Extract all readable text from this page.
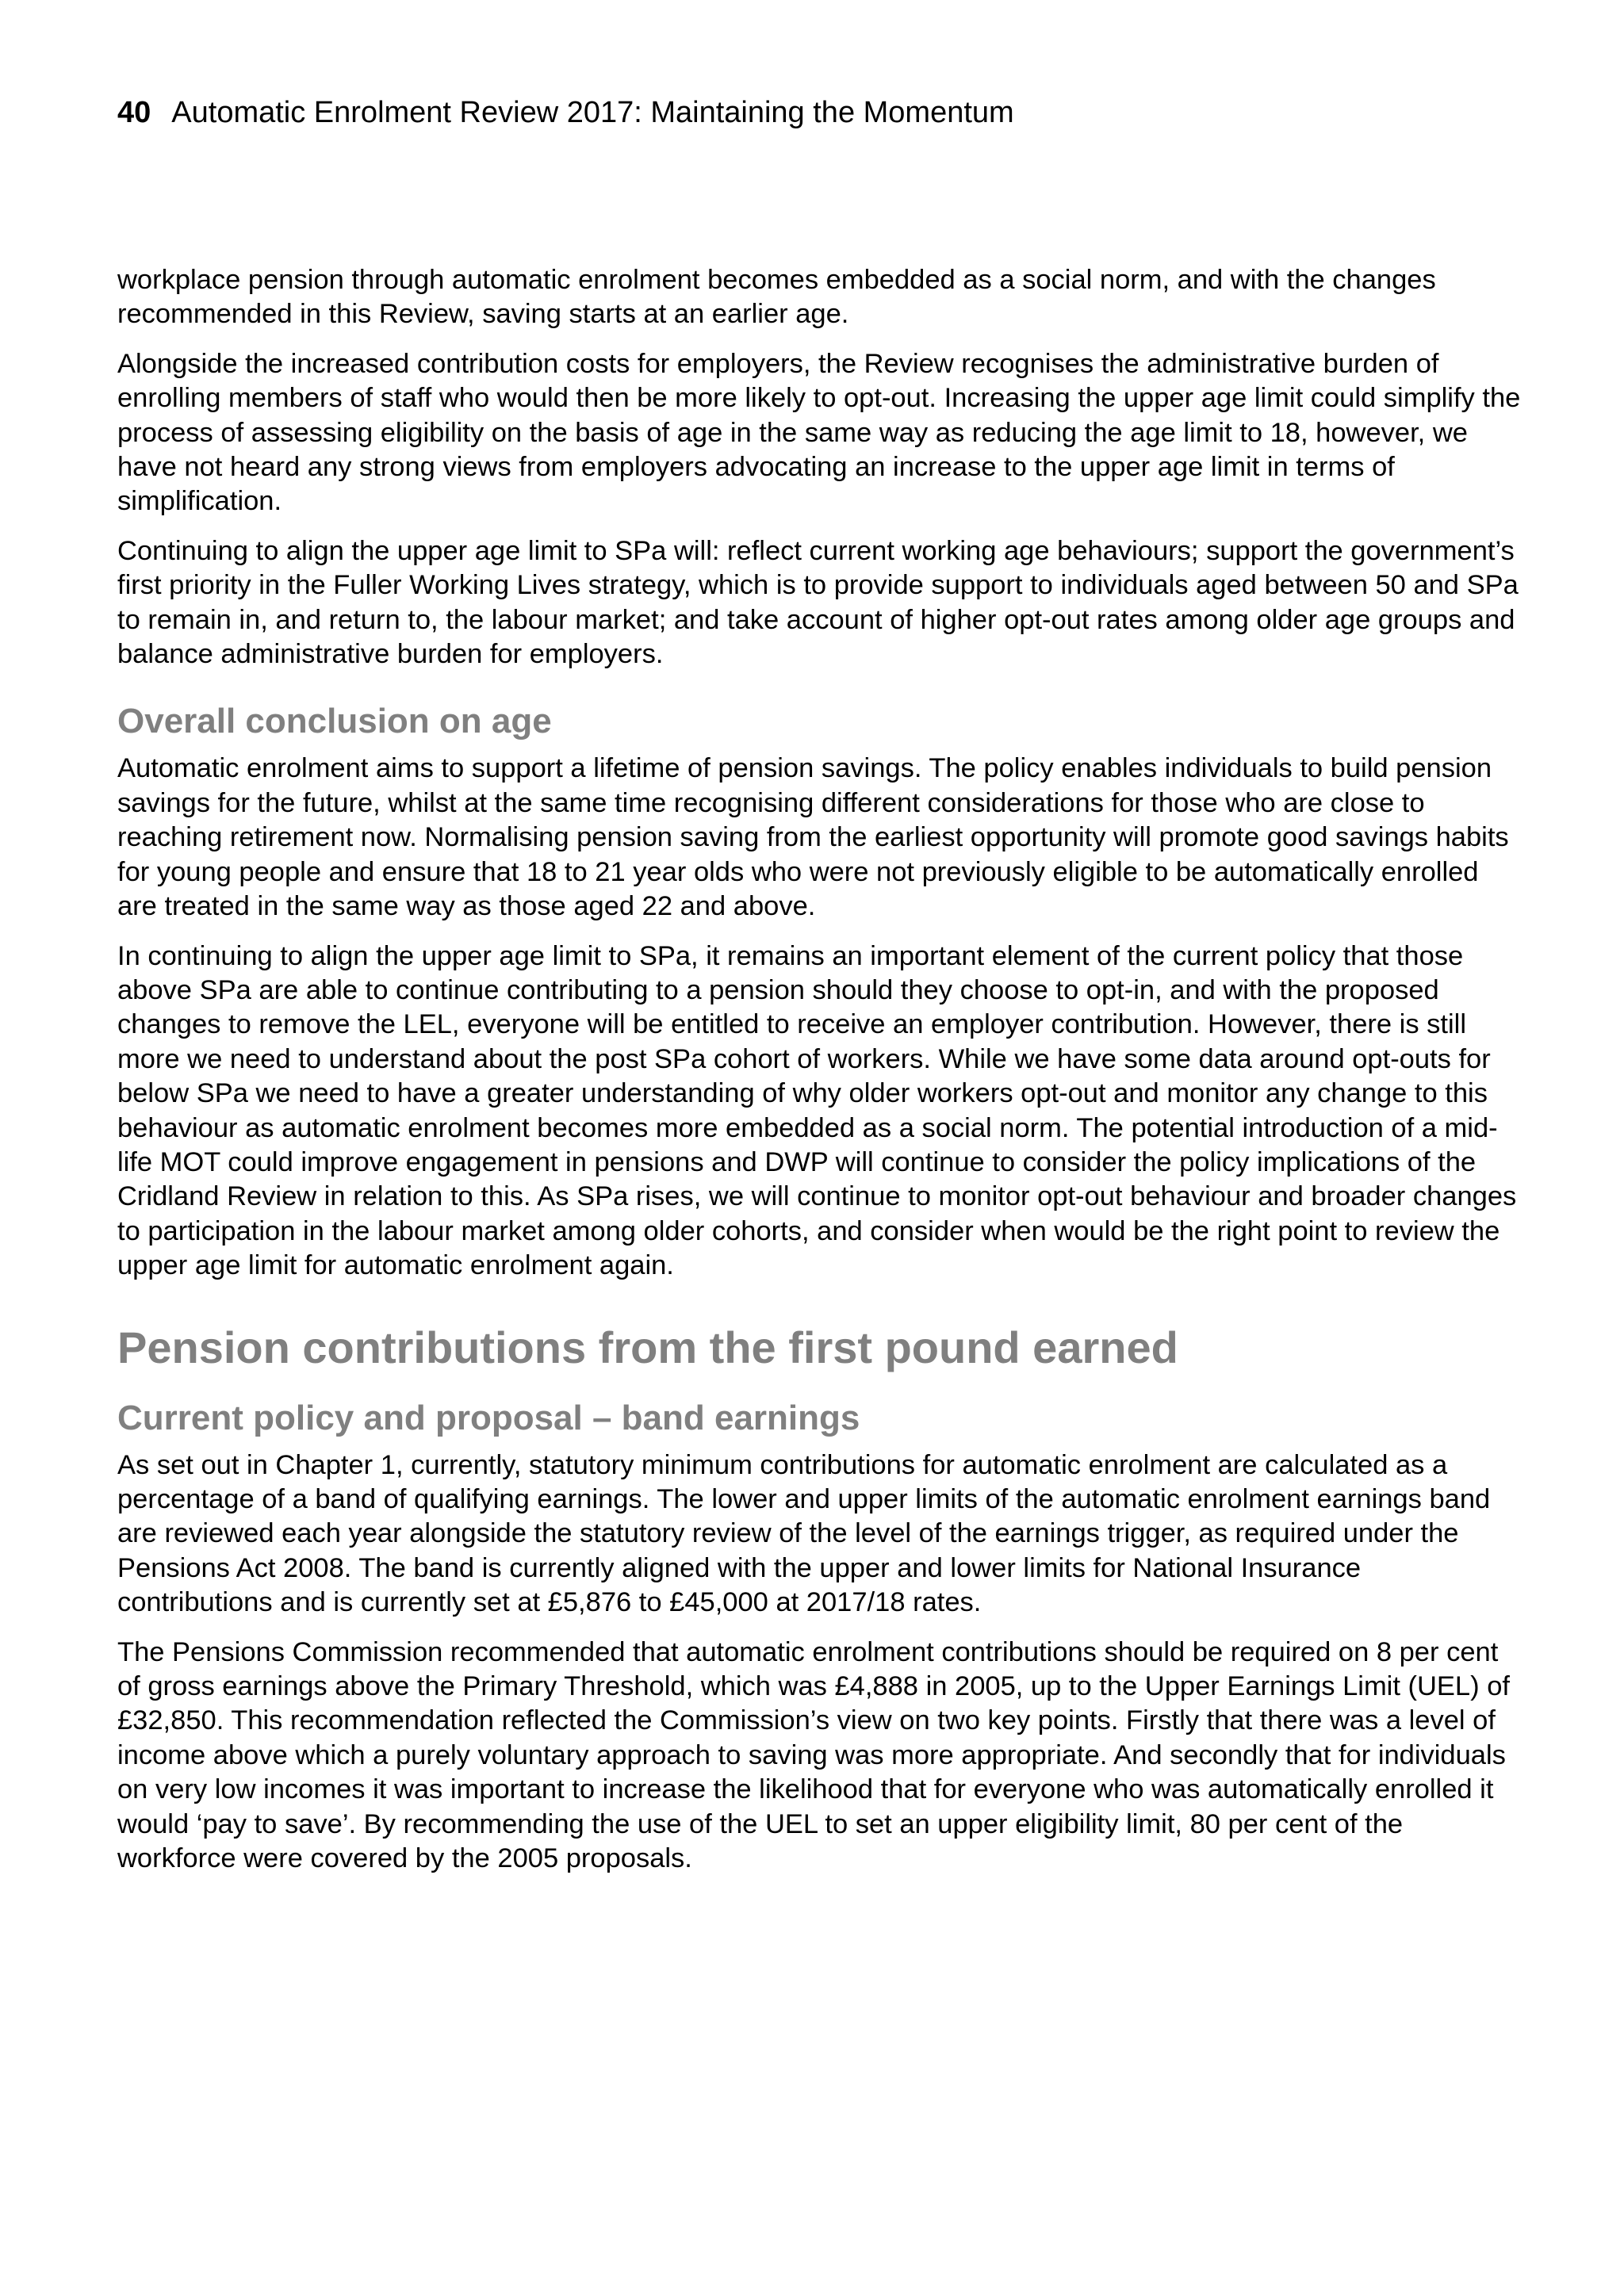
40 Automatic Enrolment Review 2017: Maintaining the Momentum

workplace pension through automatic enrolment becomes embedded as a social norm, and with the changes recommended in this Review, saving starts at an earlier age.

Alongside the increased contribution costs for employers, the Review recognises the administrative burden of enrolling members of staff who would then be more likely to opt-out. Increasing the upper age limit could simplify the process of assessing eligibility on the basis of age in the same way as reducing the age limit to 18, however, we have not heard any strong views from employers advocating an increase to the upper age limit in terms of simplification.

Continuing to align the upper age limit to SPa will: reflect current working age behaviours; support the government’s first priority in the Fuller Working Lives strategy, which is to provide support to individuals aged between 50 and SPa to remain in, and return to, the labour market; and take account of higher opt-out rates among older age groups and balance administrative burden for employers.

Overall conclusion on age

Automatic enrolment aims to support a lifetime of pension savings. The policy enables individuals to build pension savings for the future, whilst at the same time recognising different considerations for those who are close to reaching retirement now. Normalising pension saving from the earliest opportunity will promote good savings habits for young people and ensure that 18 to 21 year olds who were not previously eligible to be automatically enrolled are treated in the same way as those aged 22 and above.

In continuing to align the upper age limit to SPa, it remains an important element of the current policy that those above SPa are able to continue contributing to a pension should they choose to opt-in, and with the proposed changes to remove the LEL, everyone will be entitled to receive an employer contribution. However, there is still more we need to understand about the post SPa cohort of workers. While we have some data around opt-outs for below SPa we need to have a greater understanding of why older workers opt-out and monitor any change to this behaviour as automatic enrolment becomes more embedded as a social norm. The potential introduction of a mid-life MOT could improve engagement in pensions and DWP will continue to consider the policy implications of the Cridland Review in relation to this. As SPa rises, we will continue to monitor opt-out behaviour and broader changes to participation in the labour market among older cohorts, and consider when would be the right point to review the upper age limit for automatic enrolment again.

Pension contributions from the first pound earned
Current policy and proposal – band earnings

As set out in Chapter 1, currently, statutory minimum contributions for automatic enrolment are calculated as a percentage of a band of qualifying earnings. The lower and upper limits of the automatic enrolment earnings band are reviewed each year alongside the statutory review of the level of the earnings trigger, as required under the Pensions Act 2008. The band is currently aligned with the upper and lower limits for National Insurance contributions and is currently set at £5,876 to £45,000 at 2017/18 rates.

The Pensions Commission recommended that automatic enrolment contributions should be required on 8 per cent of gross earnings above the Primary Threshold, which was £4,888 in 2005, up to the Upper Earnings Limit (UEL) of £32,850. This recommendation reflected the Commission’s view on two key points. Firstly that there was a level of income above which a purely voluntary approach to saving was more appropriate. And secondly that for individuals on very low incomes it was important to increase the likelihood that for everyone who was automatically enrolled it would ‘pay to save’. By recommending the use of the UEL to set an upper eligibility limit, 80 per cent of the workforce were covered by the 2005 proposals.
